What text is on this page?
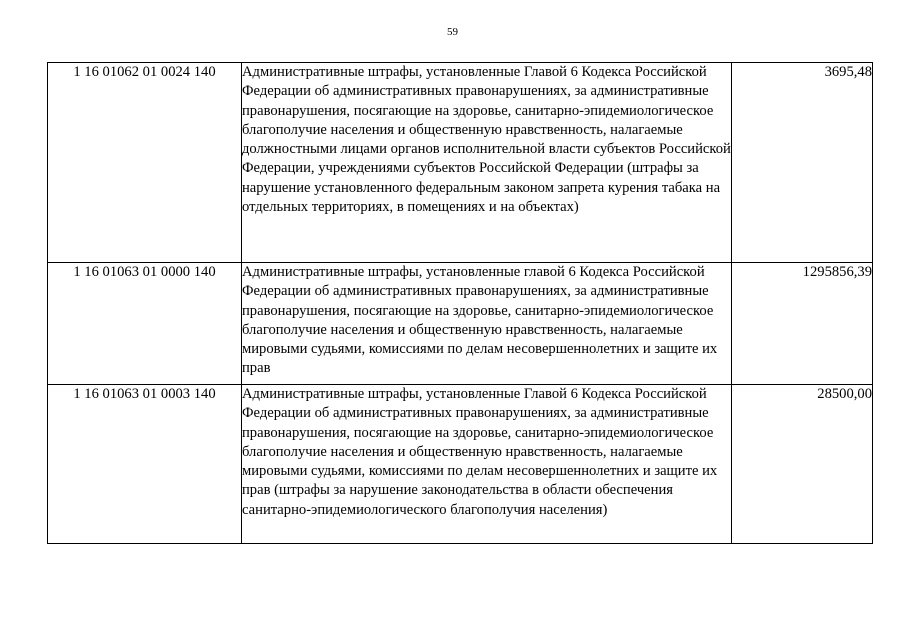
59
1 16 01062 01 0024 140	Административные штрафы, установленные Главой 6 Кодекса Российской Федерации об административных правонарушениях, за административные правонарушения, посягающие на здоровье, санитарно-эпидемиологическое благополучие населения и общественную нравственность, налагаемые должностными лицами органов исполнительной власти субъектов Российской Федерации, учреждениями субъектов Российской Федерации (штрафы за нарушение установленного федеральным законом запрета курения табака на отдельных территориях, в помещениях и на объектах)	3695,48
1 16 01063 01 0000 140	Административные штрафы, установленные главой 6 Кодекса Российской Федерации об административных правонарушениях, за административные правонарушения, посягающие на здоровье, санитарно-эпидемиологическое благополучие населения и общественную нравственность, налагаемые мировыми судьями, комиссиями по делам несовершеннолетних и защите их прав	1295856,39
1 16 01063 01 0003 140	Административные штрафы, установленные Главой 6 Кодекса Российской Федерации об административных правонарушениях, за административные правонарушения, посягающие на здоровье, санитарно-эпидемиологическое благополучие населения и общественную нравственность, налагаемые мировыми судьями, комиссиями по делам несовершеннолетних и защите их прав (штрафы за нарушение законодательства в области обеспечения санитарно-эпидемиологического благополучия населения)	28500,00
